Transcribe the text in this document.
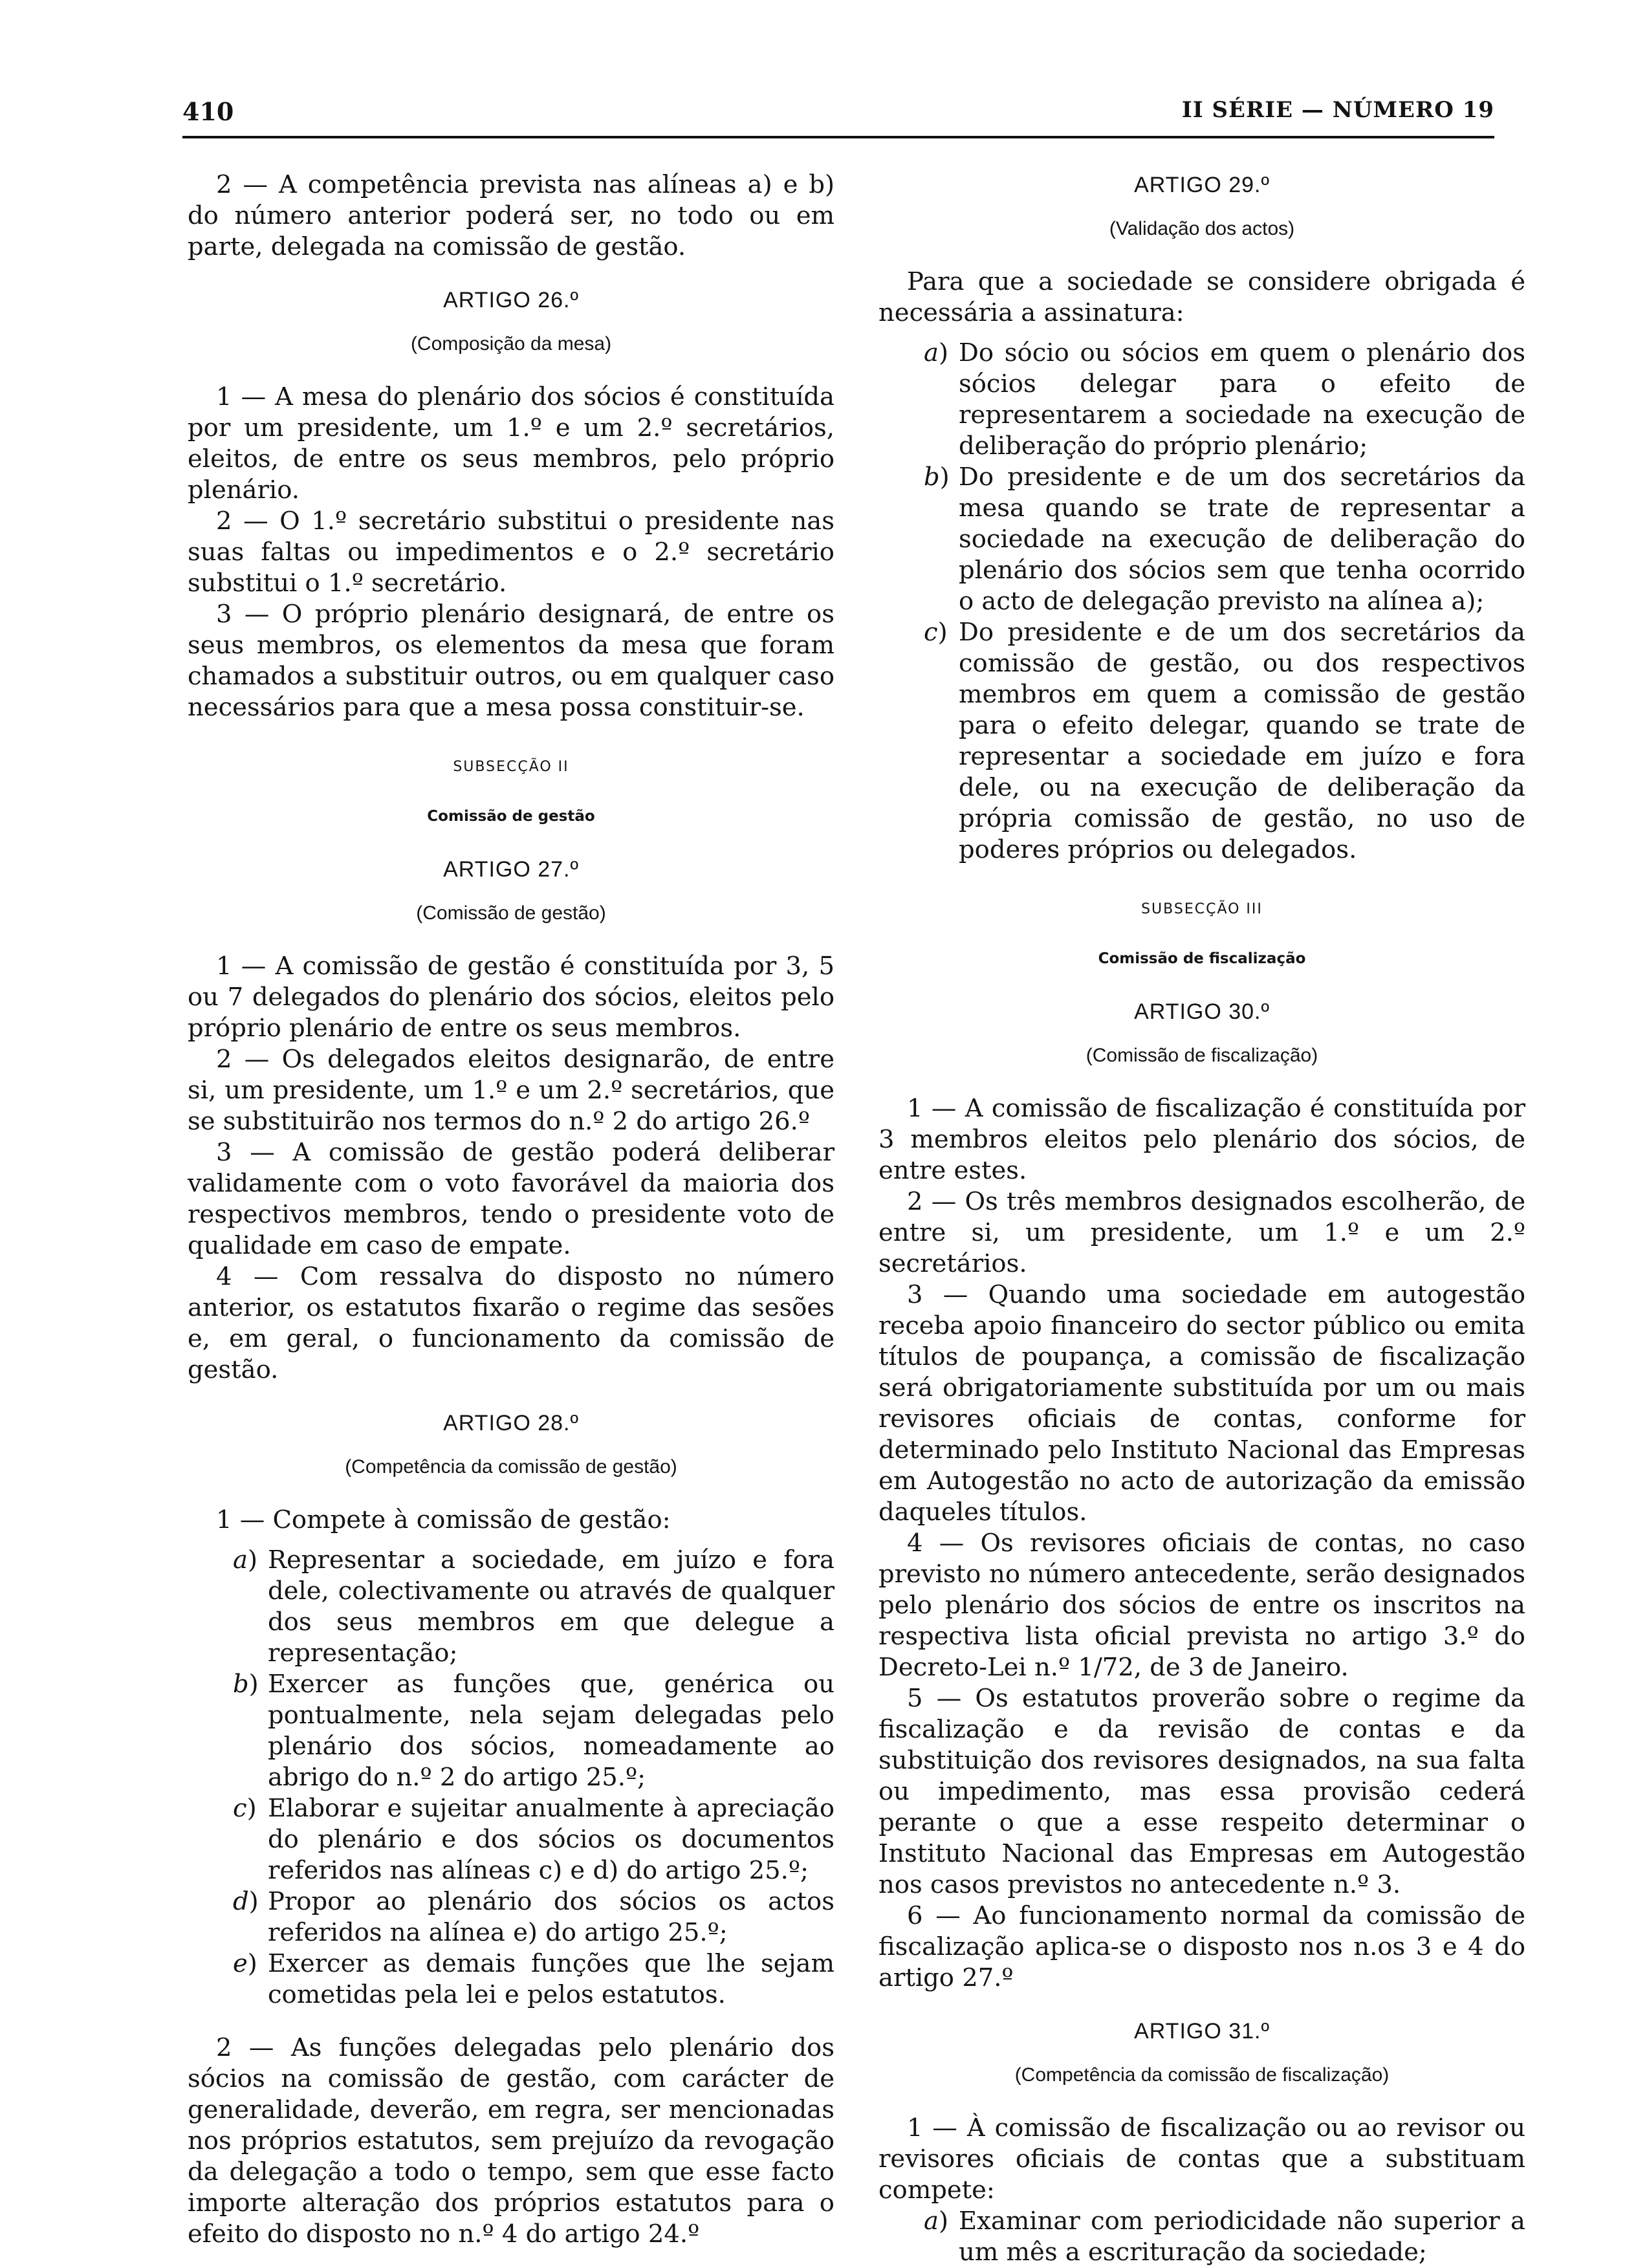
410	II SÉRIE — NÚMERO 19

2 — A competência prevista nas alíneas a) e b) do número anterior poderá ser, no todo ou em parte, delegada na comissão de gestão.

ARTIGO 26.º
(Composição da mesa)

1 — A mesa do plenário dos sócios é constituída por um presidente, um 1.º e um 2.º secretários, eleitos, de entre os seus membros, pelo próprio plenário.

2 — O 1.º secretário substitui o presidente nas suas faltas ou impedimentos e o 2.º secretário substitui o 1.º secretário.

3 — O próprio plenário designará, de entre os seus membros, os elementos da mesa que foram chamados a substituir outros, ou em qualquer caso necessários para que a mesa possa constituir-se.

SUBSECÇÃO II
Comissão de gestão
ARTIGO 27.º
(Comissão de gestão)

1 — A comissão de gestão é constituída por 3, 5 ou 7 delegados do plenário dos sócios, eleitos pelo próprio plenário de entre os seus membros.

2 — Os delegados eleitos designarão, de entre si, um presidente, um 1.º e um 2.º secretários, que se substituirão nos termos do n.º 2 do artigo 26.º

3 — A comissão de gestão poderá deliberar validamente com o voto favorável da maioria dos respectivos membros, tendo o presidente voto de qualidade em caso de empate.

4 — Com ressalva do disposto no número anterior, os estatutos fixarão o regime das sesões e, em geral, o funcionamento da comissão de gestão.

ARTIGO 28.º
(Competência da comissão de gestão)

1 — Compete à comissão de gestão:

a) Representar a sociedade, em juízo e fora dele, colectivamente ou através de qualquer dos seus membros em que delegue a representação;
b) Exercer as funções que, genérica ou pontualmente, nela sejam delegadas pelo plenário dos sócios, nomeadamente ao abrigo do n.º 2 do artigo 25.º;
c) Elaborar e sujeitar anualmente à apreciação do plenário e dos sócios os documentos referidos nas alíneas c) e d) do artigo 25.º;
d) Propor ao plenário dos sócios os actos referidos na alínea e) do artigo 25.º;
e) Exercer as demais funções que lhe sejam cometidas pela lei e pelos estatutos.

2 — As funções delegadas pelo plenário dos sócios na comissão de gestão, com carácter de generalidade, deverão, em regra, ser mencionadas nos próprios estatutos, sem prejuízo da revogação da delegação a todo o tempo, sem que esse facto importe alteração dos próprios estatutos para o efeito do disposto no n.º 4 do artigo 24.º

ARTIGO 29.º
(Validação dos actos)

Para que a sociedade se considere obrigada é necessária a assinatura:

a) Do sócio ou sócios em quem o plenário dos sócios delegar para o efeito de representarem a sociedade na execução de deliberação do próprio plenário;
b) Do presidente e de um dos secretários da mesa quando se trate de representar a sociedade na execução de deliberação do plenário dos sócios sem que tenha ocorrido o acto de delegação previsto na alínea a);
c) Do presidente e de um dos secretários da comissão de gestão, ou dos respectivos membros em quem a comissão de gestão para o efeito delegar, quando se trate de representar a sociedade em juízo e fora dele, ou na execução de deliberação da própria comissão de gestão, no uso de poderes próprios ou delegados.
SUBSECÇÃO III
Comissão de fiscalização
ARTIGO 30.º
(Comissão de fiscalização)

1 — A comissão de fiscalização é constituída por 3 membros eleitos pelo plenário dos sócios, de entre estes.

2 — Os três membros designados escolherão, de entre si, um presidente, um 1.º e um 2.º secretários.

3 — Quando uma sociedade em autogestão receba apoio financeiro do sector público ou emita títulos de poupança, a comissão de fiscalização será obrigatoriamente substituída por um ou mais revisores oficiais de contas, conforme for determinado pelo Instituto Nacional das Empresas em Autogestão no acto de autorização da emissão daqueles títulos.

4 — Os revisores oficiais de contas, no caso previsto no número antecedente, serão designados pelo plenário dos sócios de entre os inscritos na respectiva lista oficial prevista no artigo 3.º do Decreto-Lei n.º 1/72, de 3 de Janeiro.

5 — Os estatutos proverão sobre o regime da fiscalização e da revisão de contas e da substituição dos revisores designados, na sua falta ou impedimento, mas essa provisão cederá perante o que a esse respeito determinar o Instituto Nacional das Empresas em Autogestão nos casos previstos no antecedente n.º 3.

6 — Ao funcionamento normal da comissão de fiscalização aplica-se o disposto nos n.os 3 e 4 do artigo 27.º

ARTIGO 31.º
(Competência da comissão de fiscalização)

1 — À comissão de fiscalização ou ao revisor ou revisores oficiais de contas que a substituam compete:

a) Examinar com periodicidade não superior a um mês a escrituração da sociedade;
